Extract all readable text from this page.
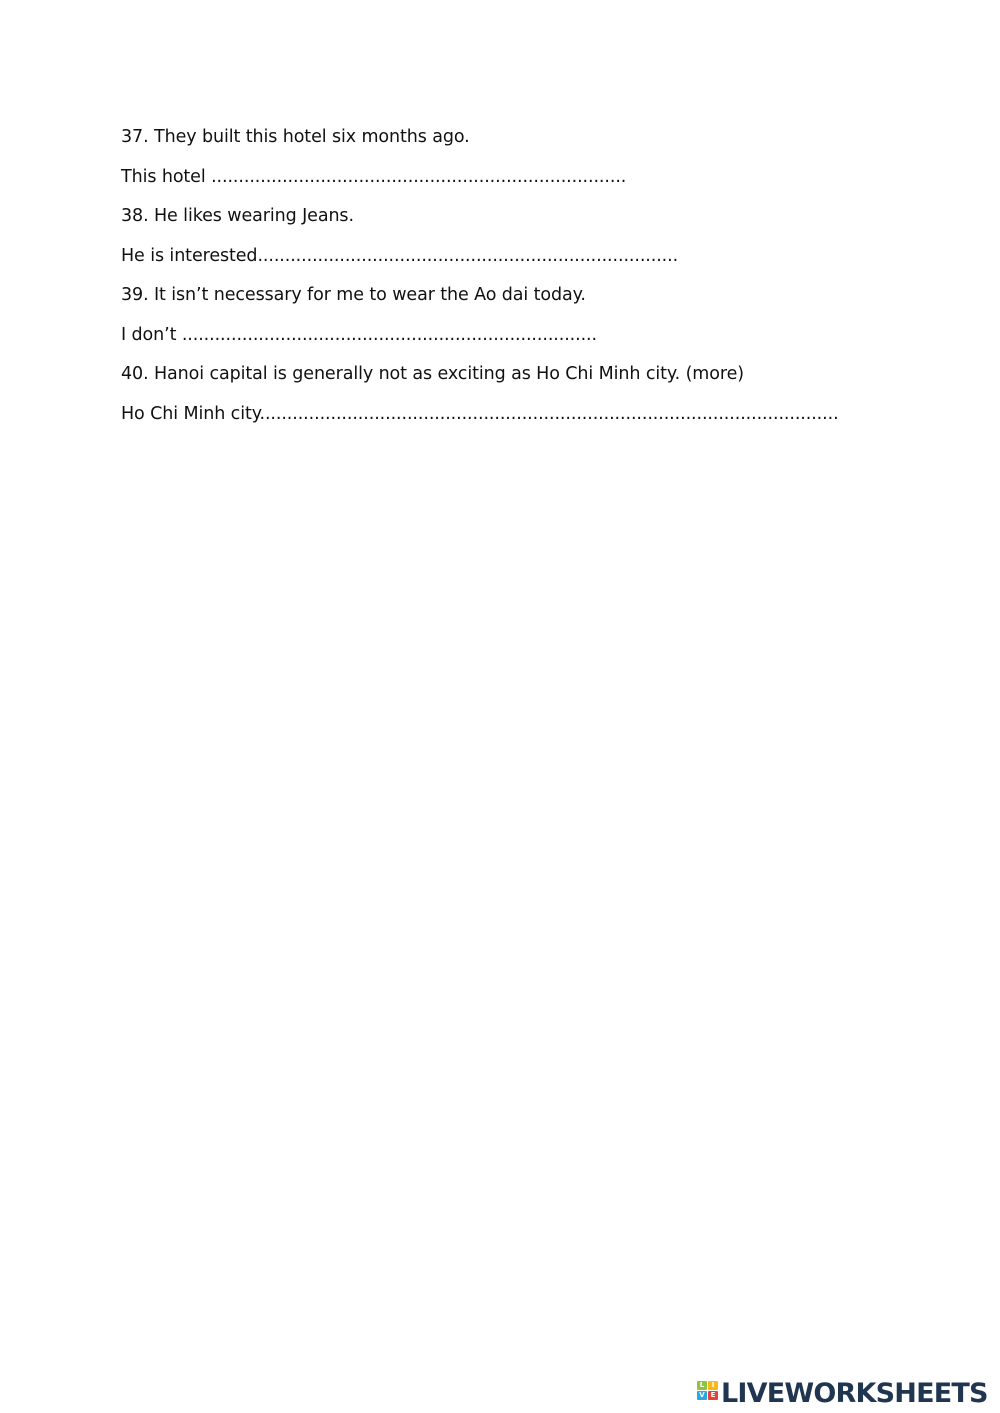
37. They built this hotel six months ago.
This hotel ............................................................................
38. He likes wearing Jeans.
He is interested.............................................................................
39. It isn’t necessary for me to wear the Ao dai today.
I don’t ............................................................................
40. Hanoi capital is generally not as exciting as Ho Chi Minh city. (more)
Ho Chi Minh city..........................................................................................................
L	I
V E LIVEWORKSHEETS
